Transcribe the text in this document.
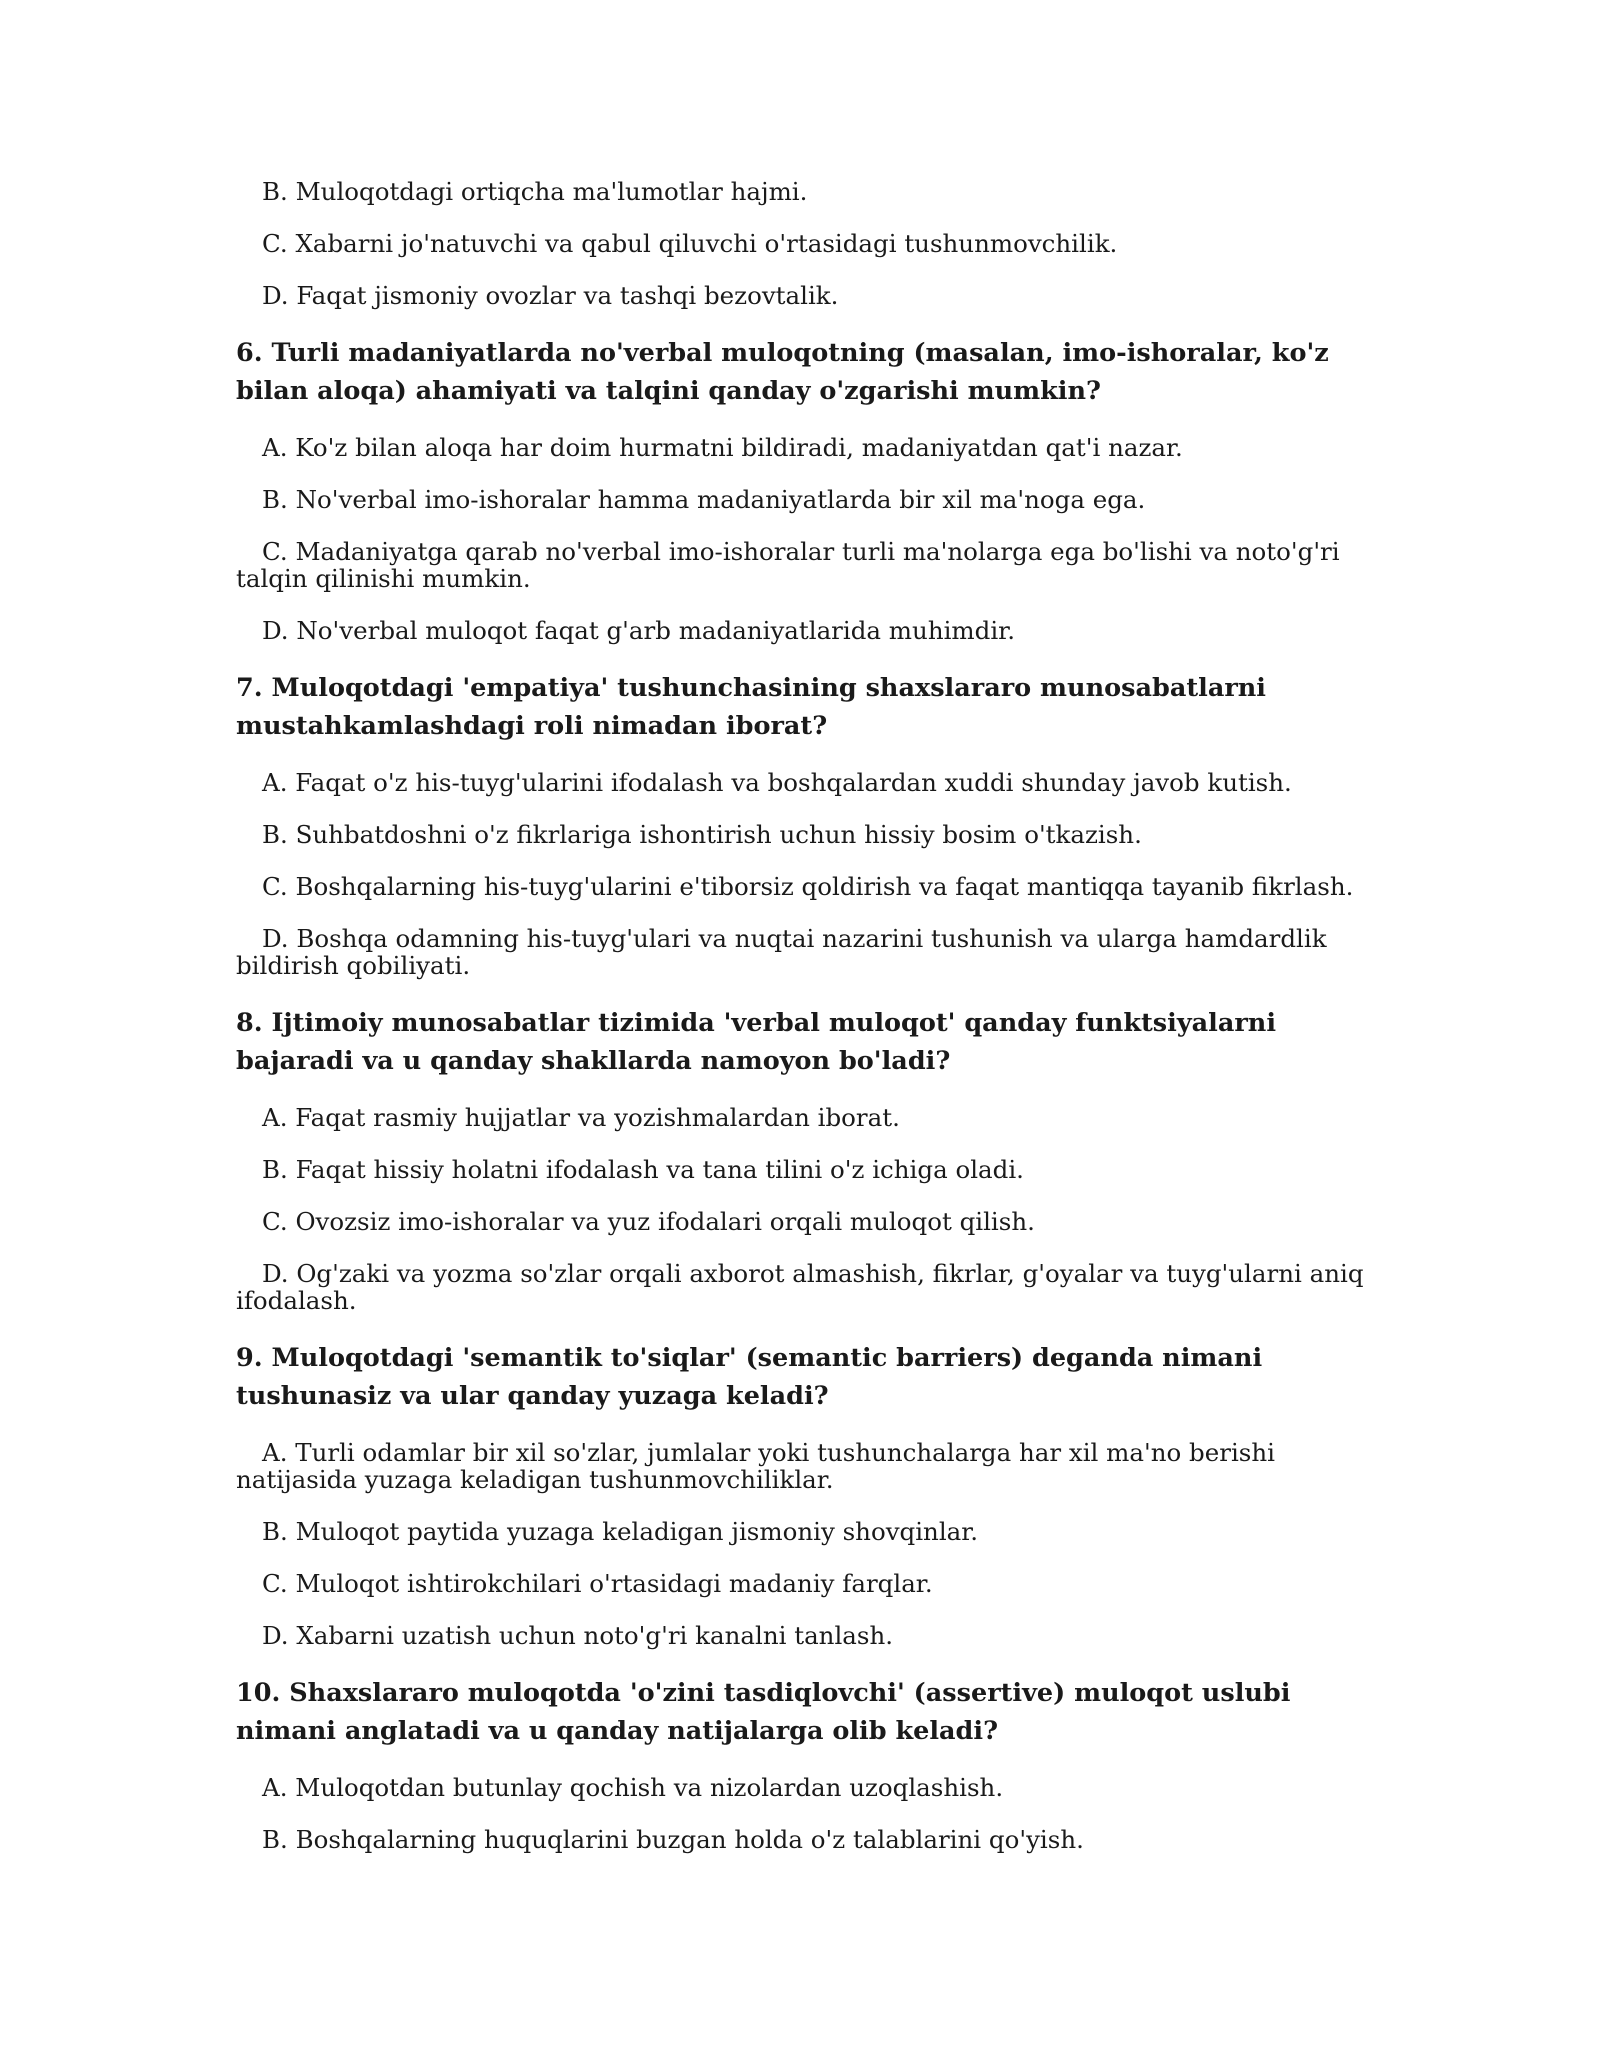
B. Muloqotdagi ortiqcha ma'lumotlar hajmi.

C. Xabarni jo'natuvchi va qabul qiluvchi o'rtasidagi tushunmovchilik.

D. Faqat jismoniy ovozlar va tashqi bezovtalik.

6. Turli madaniyatlarda no'verbal muloqotning (masalan, imo-ishoralar, ko'z bilan aloqa) ahamiyati va talqini qanday o'zgarishi mumkin?

A. Ko'z bilan aloqa har doim hurmatni bildiradi, madaniyatdan qat'i nazar.

B. No'verbal imo-ishoralar hamma madaniyatlarda bir xil ma'noga ega.

C. Madaniyatga qarab no'verbal imo-ishoralar turli ma'nolarga ega bo'lishi va noto'g'ri talqin qilinishi mumkin.

D. No'verbal muloqot faqat g'arb madaniyatlarida muhimdir.

7. Muloqotdagi 'empatiya' tushunchasining shaxslararo munosabatlarni mustahkamlashdagi roli nimadan iborat?

A. Faqat o'z his-tuyg'ularini ifodalash va boshqalardan xuddi shunday javob kutish.

B. Suhbatdoshni o'z fikrlariga ishontirish uchun hissiy bosim o'tkazish.

C. Boshqalarning his-tuyg'ularini e'tiborsiz qoldirish va faqat mantiqqa tayanib fikrlash.

D. Boshqa odamning his-tuyg'ulari va nuqtai nazarini tushunish va ularga hamdardlik bildirish qobiliyati.

8. Ijtimoiy munosabatlar tizimida 'verbal muloqot' qanday funktsiyalarni bajaradi va u qanday shakllarda namoyon bo'ladi?

A. Faqat rasmiy hujjatlar va yozishmalardan iborat.

B. Faqat hissiy holatni ifodalash va tana tilini o'z ichiga oladi.

C. Ovozsiz imo-ishoralar va yuz ifodalari orqali muloqot qilish.

D. Og'zaki va yozma so'zlar orqali axborot almashish, fikrlar, g'oyalar va tuyg'ularni aniq ifodalash.

9. Muloqotdagi 'semantik to'siqlar' (semantic barriers) deganda nimani tushunasiz va ular qanday yuzaga keladi?

A. Turli odamlar bir xil so'zlar, jumlalar yoki tushunchalarga har xil ma'no berishi natijasida yuzaga keladigan tushunmovchiliklar.

B. Muloqot paytida yuzaga keladigan jismoniy shovqinlar.

C. Muloqot ishtirokchilari o'rtasidagi madaniy farqlar.

D. Xabarni uzatish uchun noto'g'ri kanalni tanlash.

10. Shaxslararo muloqotda 'o'zini tasdiqlovchi' (assertive) muloqot uslubi nimani anglatadi va u qanday natijalarga olib keladi?

A. Muloqotdan butunlay qochish va nizolardan uzoqlashish.

B. Boshqalarning huquqlarini buzgan holda o'z talablarini qo'yish.
